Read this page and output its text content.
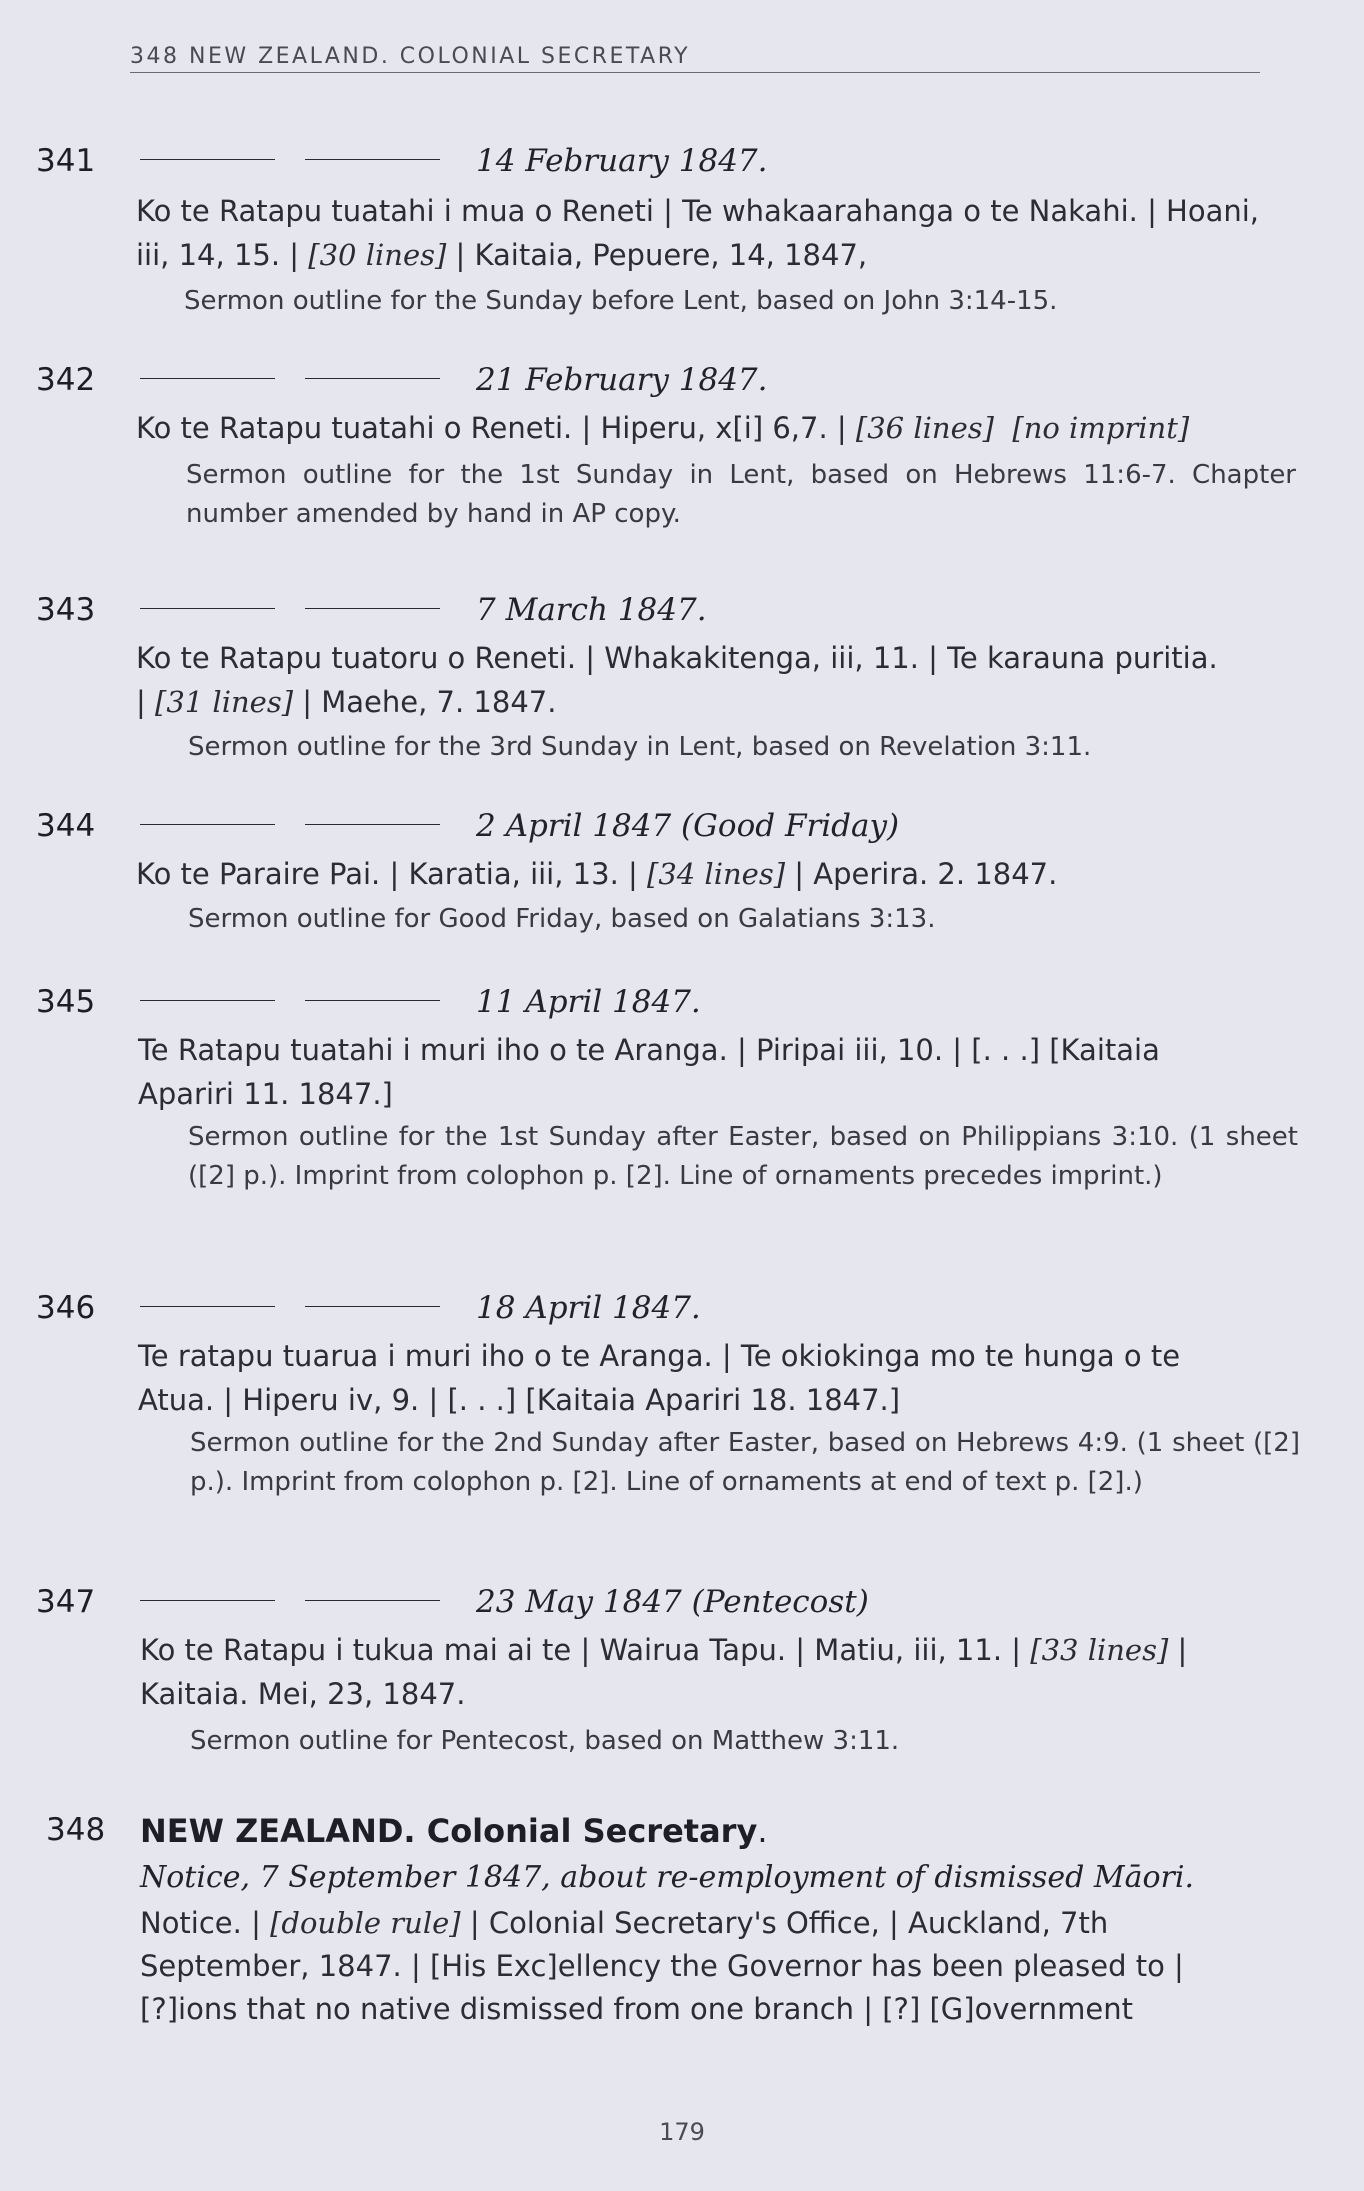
348 NEW ZEALAND. COLONIAL SECRETARY
341	14 February 1847.
Ko te Ratapu tuatahi i mua o Reneti | Te whakaarahanga o te Nakahi. | Hoani,
iii, 14, 15. | [30 lines] | Kaitaia, Pepuere, 14, 1847,
Sermon outline for the Sunday before Lent, based on John 3:14-15.
342	21 February 1847.
Ko te Ratapu tuatahi o Reneti. | Hiperu, x[i] 6,7. | [36 lines] [no imprint]
Sermon outline for the 1st Sunday in Lent, based on Hebrews 11:6-7. Chapter number amended by hand in AP copy.
343	7 March 1847.
Ko te Ratapu tuatoru o Reneti. | Whakakitenga, iii, 11. | Te karauna puritia.
| [31 lines] | Maehe, 7. 1847.
Sermon outline for the 3rd Sunday in Lent, based on Revelation 3:11.
344	2 April 1847 (Good Friday)
Ko te Paraire Pai. | Karatia, iii, 13. | [34 lines] | Aperira. 2. 1847.
Sermon outline for Good Friday, based on Galatians 3:13.
345	11 April 1847.
Te Ratapu tuatahi i muri iho o te Aranga. | Piripai iii, 10. | [. . .] [Kaitaia
Apariri 11. 1847.]
Sermon outline for the 1st Sunday after Easter, based on Philippians 3:10. (1 sheet ([2] p.). Imprint from colophon p. [2]. Line of ornaments precedes imprint.)
346	18 April 1847.
Te ratapu tuarua i muri iho o te Aranga. | Te okiokinga mo te hunga o te
Atua. | Hiperu iv, 9. | [. . .] [Kaitaia Apariri 18. 1847.]
Sermon outline for the 2nd Sunday after Easter, based on Hebrews 4:9. (1 sheet ([2] p.). Imprint from colophon p. [2]. Line of ornaments at end of text p. [2].)
347	23 May 1847 (Pentecost)
Ko te Ratapu i tukua mai ai te | Wairua Tapu. | Matiu, iii, 11. | [33 lines] |
Kaitaia. Mei, 23, 1847.
Sermon outline for Pentecost, based on Matthew 3:11.
348 NEW ZEALAND. Colonial Secretary.
Notice, 7 September 1847, about re-employment of dismissed Māori.
Notice. | [double rule] | Colonial Secretary's Office, | Auckland, 7th
September, 1847. | [His Exc]ellency the Governor has been pleased to |
[?]ions that no native dismissed from one branch | [?] [G]overnment
179
